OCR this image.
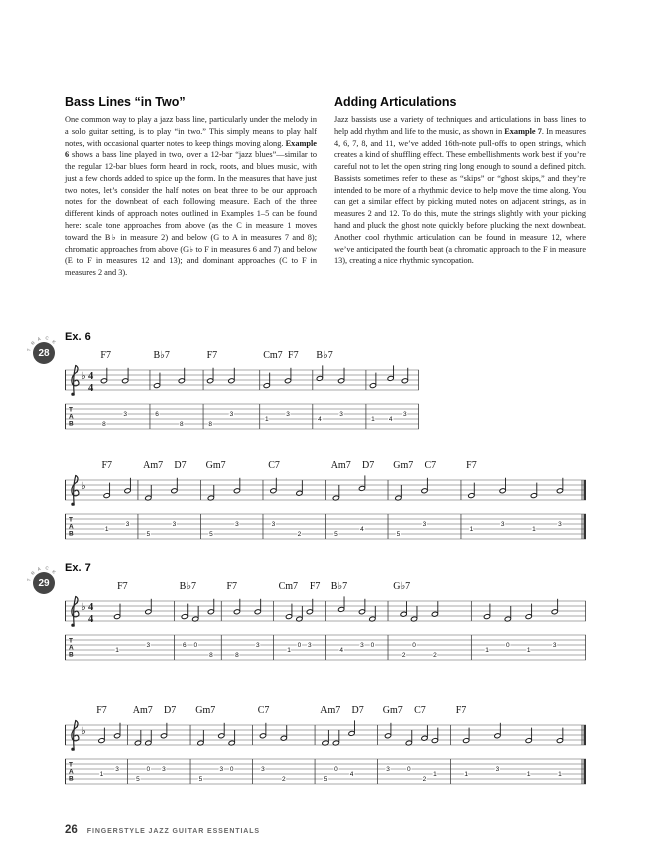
Bass Lines “in Two”

One common way to play a jazz bass line, particularly under the melody in a solo guitar setting, is to play “in two.” This simply means to play half notes, with occasional quarter notes to keep things moving along. Example 6 shows a bass line played in two, over a 12-bar “jazz blues”—similar to the regular 12-bar blues form heard in rock, roots, and blues music, with just a few chords added to spice up the form. In the measures that have just two notes, let’s consider the half notes on beat three to be our approach notes for the downbeat of each following measure. Each of the three different kinds of approach notes outlined in Examples 1–5 can be found here: scale tone approaches from above (as the C in measure 1 moves toward the B♭ in measure 2) and below (G to A in measures 7 and 8); chromatic approaches from above (G♭ to F in measures 6 and 7) and below (E to F in measures 12 and 13); and dominant approaches (C to F in measures 2 and 3).

Adding Articulations

Jazz bassists use a variety of techniques and articulations in bass lines to help add rhythm and life to the music, as shown in Example 7. In measures 4, 6, 7, 8, and 11, we’ve added 16th-note pull-offs to open strings, which creates a kind of shuffling effect. These embellishments work best if you’re careful not to let the open string ring long enough to sound a defined pitch. Bassists sometimes refer to these as “skips” or “ghost skips,” and they’re intended to be more of a rhythmic device to help move the time along. You can get a similar effect by picking muted notes on adjacent strings, as in measures 2 and 12. To do this, mute the strings slightly with your picking hand and pluck the ghost note quickly before plucking the next downbeat. Another cool rhythmic articulation can be found in measure 12, where we’ve anticipated the fourth beat (a chromatic approach to the F in measure 13), creating a nice rhythmic syncopation.

T
R
A C
K
28
T
R
A C
K
29
Ex. 6
♭ 4
4
T
A
B	8
3	6
8	8
3
1
3
4
3
1 4
3
F7	B♭7	F7	Cm7 F7 B♭7
♭
T
A
B
1
3
5
3
5
3	3
2	5
4
5
3
1
3
1
3
F7	Am7 D7 Gm7	C7	Am7 D7 Gm7 C7	F7
Ex. 7
♭ 4
4
T
A
B
1
3	6 0
8	8
3
1
0 3
4
3 0
2
0
2
1
0
1
3
F7	B♭7	F7	Cm7 F7 B♭7	G♭7
♭
T
A
B
1
3
5
0 3
5
3 0	3
2	5
0
4
3	0
2
1	1
3
1	1
F7	Am7 D7 Gm7	C7	Am7 D7 Gm7 C7	F7
26 FINGERSTYLE JAZZ GUITAR ESSENTIALS
